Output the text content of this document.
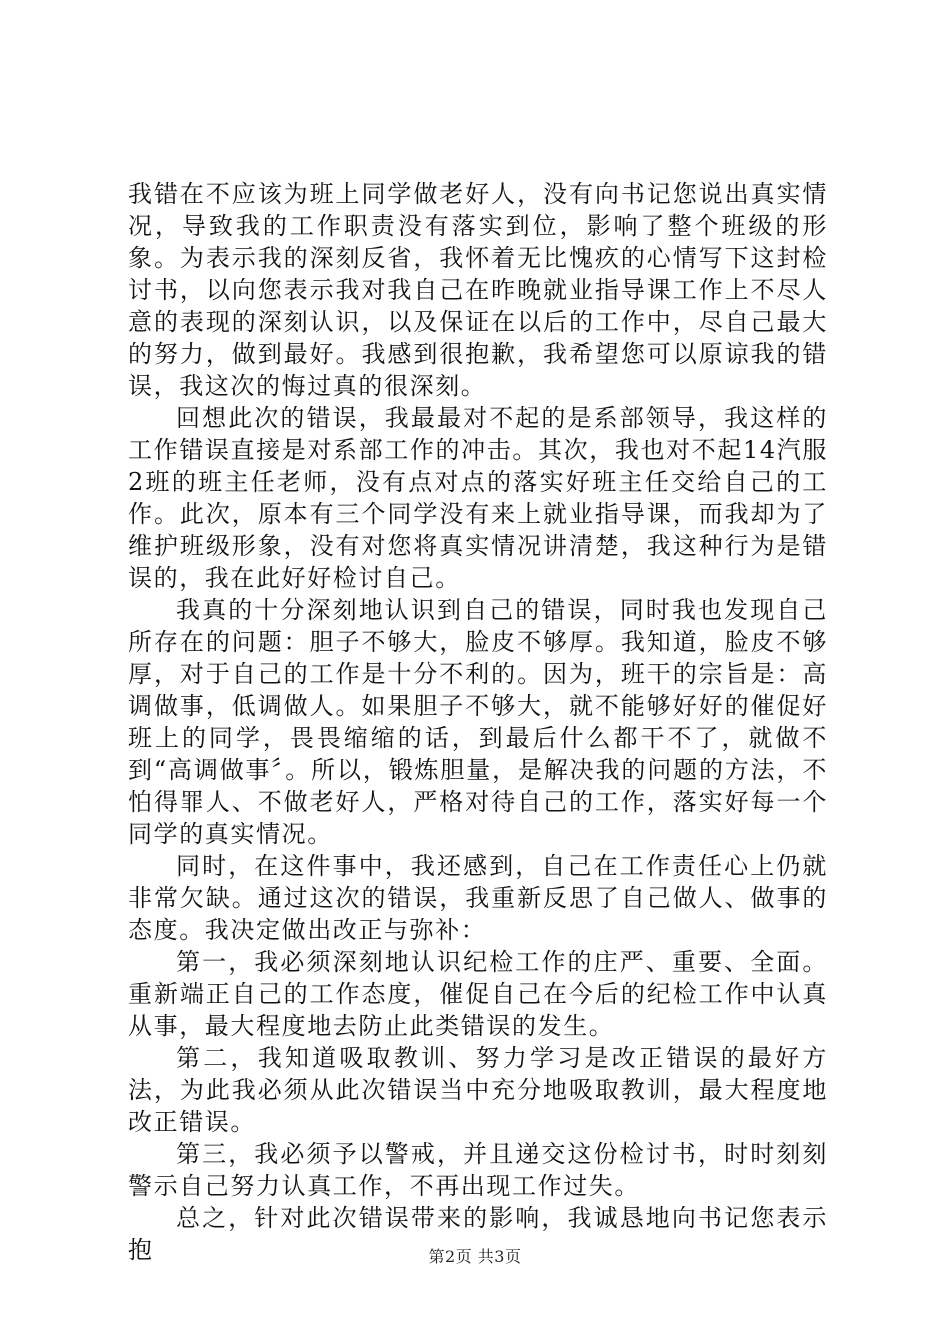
我错在不应该为班上同学做老好人，没有向书记您说出真实情况，导致我的工作职责没有落实到位，影响了整个班级的形象。为表示我的深刻反省，我怀着无比愧疚的心情写下这封检讨书，以向您表示我对我自己在昨晚就业指导课工作上不尽人意的表现的深刻认识，以及保证在以后的工作中，尽自己最大的努力，做到最好。我感到很抱歉，我希望您可以原谅我的错误，我这次的悔过真的很深刻。

回想此次的错误，我最最对不起的是系部领导，我这样的工作错误直接是对系部工作的冲击。其次，我也对不起14汽服2班的班主任老师，没有点对点的落实好班主任交给自己的工作。此次，原本有三个同学没有来上就业指导课，而我却为了维护班级形象，没有对您将真实情况讲清楚，我这种行为是错误的，我在此好好检讨自己。

我真的十分深刻地认识到自己的错误，同时我也发现自己所存在的问题：胆子不够大，脸皮不够厚。我知道，脸皮不够厚，对于自己的工作是十分不利的。因为，班干的宗旨是：高调做事，低调做人。如果胆子不够大，就不能够好好的催促好班上的同学，畏畏缩缩的话，到最后什么都干不了，就做不到“高调做事〞。所以，锻炼胆量，是解决我的问题的方法，不怕得罪人、不做老好人，严格对待自己的工作，落实好每一个同学的真实情况。

同时，在这件事中，我还感到，自己在工作责任心上仍就非常欠缺。通过这次的错误，我重新反思了自己做人、做事的态度。我决定做出改正与弥补：

第一，我必须深刻地认识纪检工作的庄严、重要、全面。重新端正自己的工作态度，催促自己在今后的纪检工作中认真从事，最大程度地去防止此类错误的发生。

第二，我知道吸取教训、努力学习是改正错误的最好方法，为此我必须从此次错误当中充分地吸取教训，最大程度地改正错误。

第三，我必须予以警戒，并且递交这份检讨书，时时刻刻警示自己努力认真工作，不再出现工作过失。

总之，针对此次错误带来的影响，我诚恳地向书记您表示抱	第2页 共3页
